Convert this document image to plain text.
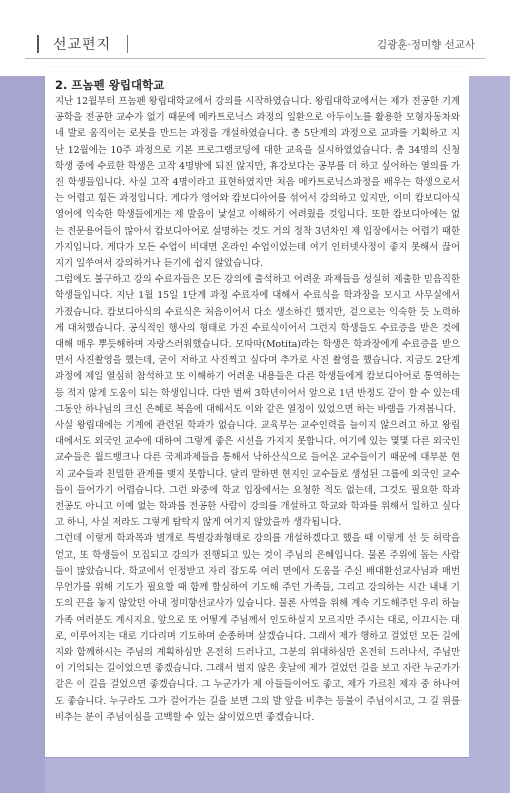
선교편지	김광훈·정미향 선교사
2. 프놈펜 왕립대학교

지난 12월부터 프놈펜 왕립대학교에서 강의를 시작하였습니다. 왕립대학교에서는 제가 전공한 기계공학을 전공한 교수가 없기 때문에 메카트로닉스 과정의 일환으로 아두이노를 활용한 모형자동차와 네 발로 움직이는 로봇을 만드는 과정을 개설하였습니다. 총 5단계의 과정으로 교과를 기획하고 지난 12월에는 10주 과정으로 기본 프로그램코딩에 대한 교육을 실시하였었습니다. 총 34명의 신청학생 중에 수료한 학생은 고작 4명밖에 되진 않지만, 휴강보다는 공부를 더 하고 싶어하는 열의를 가진 학생들입니다. 사실 고작 4명이라고 표현하였지만 처음 메카트로닉스과정을 배우는 학생으로서는 어렵고 힘든 과정입니다. 게다가 영어와 캄보디아어를 섞어서 강의하고 있지만, 이미 캄보디아식 영어에 익숙한 학생들에게는 제 발음이 낯설고 이해하기 어려웠을 것입니다. 또한 캄보디아에는 없는 전문용어들이 많아서 캄보디아어로 설명하는 것도 거의 정착 3년차인 제 입장에서는 어렵기 때한가지입니다. 게다가 모든 수업이 비대면 온라인 수업이었는데 여기 인터넷사정이 좋지 못해서 끊어지기 일쑤여서 강의하거나 듣기에 쉽지 않았습니다.

그럼에도 불구하고 강의 수료자들은 모든 강의에 출석하고 어려운 과제들을 성실히 제출한 믿음직한 학생들입니다. 지난 1월 15일 1단계 과정 수료자에 대해서 수료식을 학과장을 모시고 사무실에서 가졌습니다. 캄보디아식의 수료식은 처음이어서 다소 생소하긴 했지만, 겉으로는 익숙한 듯 노력하게 대처했습니다. 공식적인 행사의 형태로 가진 수료식이어서 그런지 학생들도 수료증을 받은 것에 대해 매우 뿌듯해하며 자랑스러워했습니다. 모따따(Motita)라는 학생은 학과장에게 수료증을 받으면서 사진촬영을 했는데, 굳이 저하고 사진찍고 싶다며 추가로 사진 촬영을 했습니다. 지금도 2단계 과정에 제일 열심히 참석하고 또 이해하기 어려운 내용들은 다른 학생들에게 캄보디아어로 통역하는 등 적지 않게 도움이 되는 학생입니다. 다만 벌써 3학년이어서 앞으로 1년 반정도 같이 할 수 있는데 그동안 하나님의 크신 은혜로 복음에 대해서도 이와 같은 열정이 있었으면 하는 바램을 가져봅니다.

사실 왕립대에는 기계에 관련된 학과가 없습니다. 교육부는 교수인력을 늘이지 않으려고 하고 왕립대에서도 외국인 교수에 대하여 그렇게 좋은 시선을 가지지 못합니다. 여기에 있는 몇몇 다른 외국인 교수들은 월드뱅크나 다른 국제과제들을 통해서 낙하산식으로 들어온 교수들이기 때문에 대부분 현지 교수들과 친밀한 관계를 맺지 못합니다. 달리 말하면 현지인 교수들로 생성된 그룹에 외국인 교수들이 들어가기 어렵습니다. 그런 와중에 학교 입장에서는 요청한 적도 없는데, 그것도 필요한 학과 전공도 아니고 이예 없는 학과를 전공한 사람이 강의를 개설하고 학교와 학과를 위해서 일하고 싶다고 하니, 사실 저라도 그렇게 탐탁지 않게 여기지 않았을까 생각됩니다.

그런데 이렇게 학과목과 별개로 특별강좌형태로 강의를 개설하겠다고 했을 때 이렇게 선 듯 허락을 얻고, 또 학생들이 모집되고 강의가 진행되고 있는 것이 주님의 은혜입니다. 물론 주위에 돕는 사람들이 많았습니다. 학교에서 인정받고 자리 잡도록 여러 면에서 도움을 주신 배대환선교사님과 매번 무언가를 위해 기도가 필요할 때 함께 합심하여 기도해 주던 가족들, 그리고 강의하는 시간 내내 기도의 끈을 놓지 않았던 아내 정미향선교사가 있습니다. 물론 사역을 위해 계속 기도해주던 우리 하늘가족 여러분도 계시지요. 앞으로 또 어떻게 주님께서 인도하실지 모르지만 주시는 대로, 이끄시는 대로, 이루어지는 대로 기다리며 기도하며 순종하며 살겠습니다. 그래서 제가 행하고 걸었던 모든 길에 지와 함께하시는 주님의 계획하심만 온전히 드러나고, 그분의 위대하심만 온전히 드러나서, 주님만이 기억되는 길이었으면 좋겠습니다. 그래서 벌지 않은 훗날에 제가 걸었던 길을 보고 자란 누군가가 같은 이 길을 걸었으면 좋겠습니다. 그 누군가가 제 아들들이어도 좋고, 제가 가르친 제자 중 하나여도 좋습니다. 누구라도 그가 걸어가는 길을 보면 그의 발 앞을 비추는 등불이 주님이시고, 그 길 위를 비추는 분이 주님이심을 고백할 수 있는 삶이었으면 좋겠습니다.
